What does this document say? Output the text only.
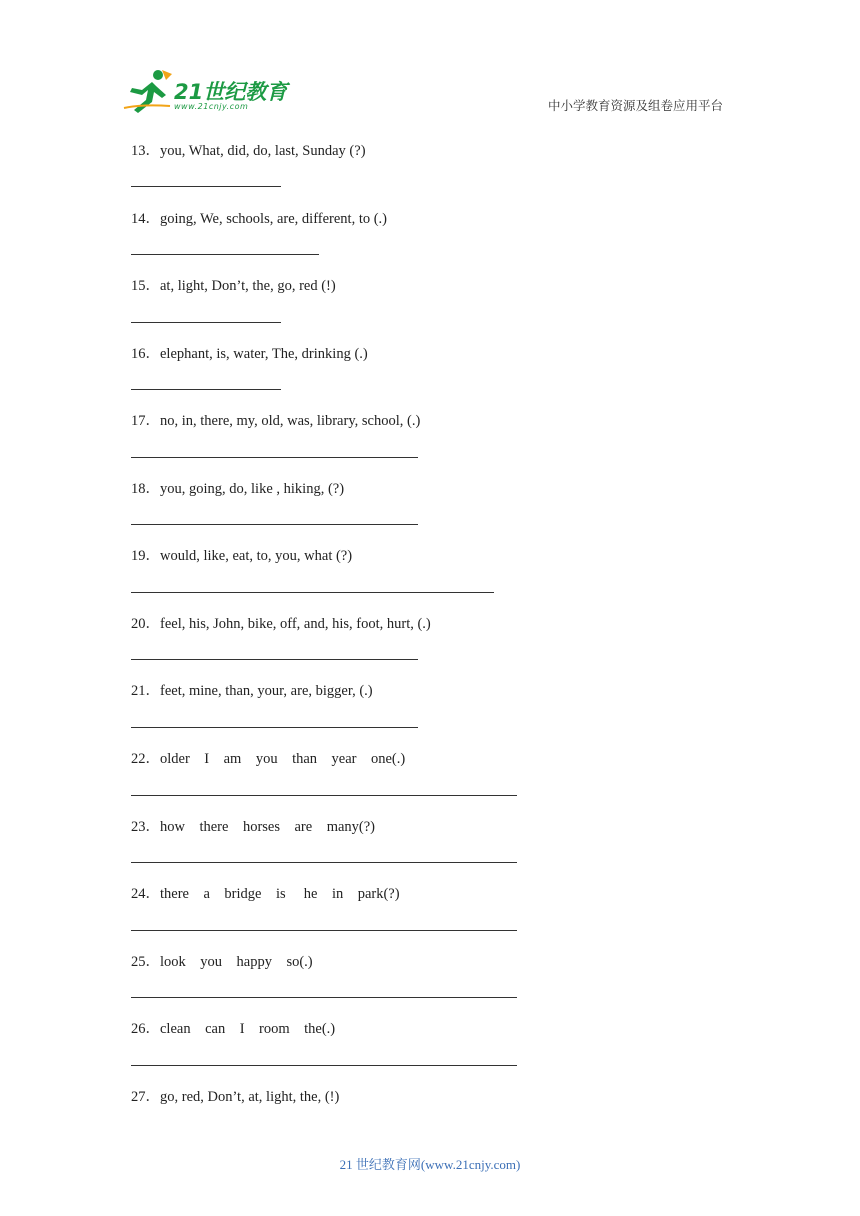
21世纪教育
www.21cnjy.com	中小学教育资源及组卷应用平台
13．you, What, did, do, last, Sunday (?)
14．going, We, schools, are, different, to (.)
15．at, light, Don’t, the, go, red (!)
16．elephant, is, water, The, drinking (.)
17．no, in, there, my, old, was, library, school, (.)
18．you, going, do, like , hiking, (?)
19．would, like, eat, to, you, what (?)
20．feel, his, John, bike, off, and, his, foot, hurt, (.)
21．feet, mine, than, your, are, bigger, (.)
22．older    I    am    you    than    year    one(.)
23．how    there    horses    are    many(?)
24．there    a    bridge    is     he    in    park(?)
25．look    you    happy    so(.)
26．clean    can    I    room    the(.)
27．go, red, Don’t, at, light, the, (!)
21 世纪教育网(www.21cnjy.com)
